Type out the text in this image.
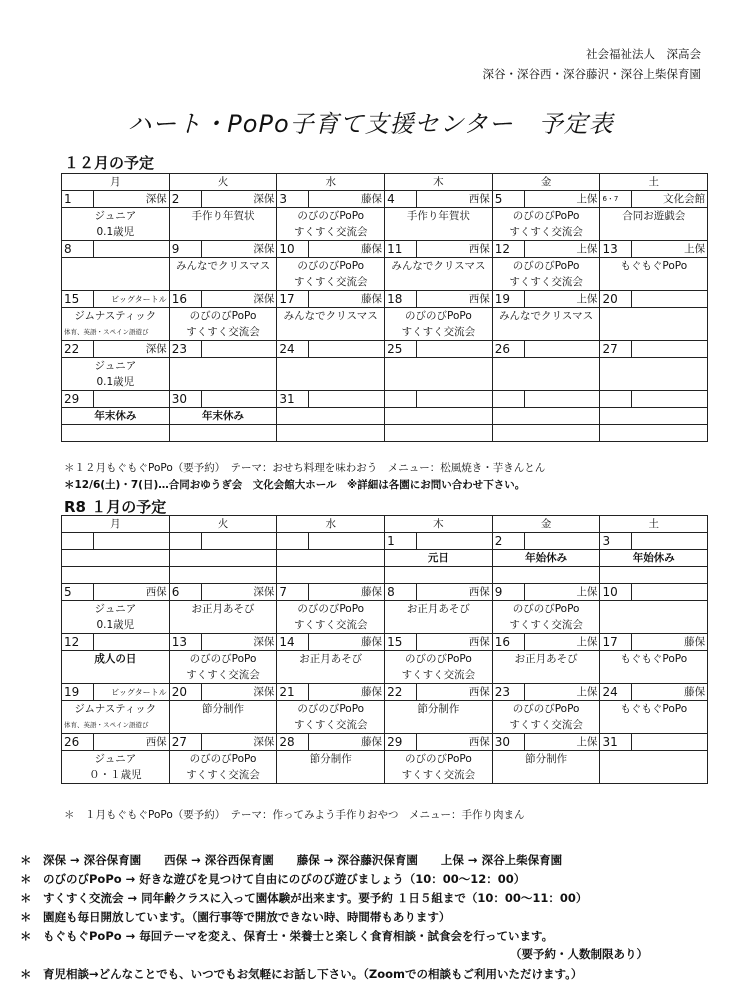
社会福祉法人　深高会
深谷・深谷西・深谷藤沢・深谷上柴保育園
ハート・PoPo子育て支援センター　予定表
１２月の予定
月		火		水		木		金		土	
1	深保	2	深保	3	藤保	4	西保	5	上保	6・7	文化会館
ジュニア		手作り年賀状		のびのびPoPo		手作り年賀状		のびのびPoPo		合同お遊戯会	
0.1歳児				すくすく交流会				すくすく交流会			
8		9	深保	10	藤保	11	西保	12	上保	13	上保
		みんなでクリスマス		のびのびPoPo		みんなでクリスマス		のびのびPoPo		もぐもぐPoPo	
				すくすく交流会				すくすく交流会			
15	ビッグタートル	16	深保	17	藤保	18	西保	19	上保	20	
ジムナスティック		のびのびPoPo		みんなでクリスマス		のびのびPoPo		みんなでクリスマス			
体育、英語・スペイン語遊び		すくすく交流会				すくすく交流会					
22	深保	23		24		25		26		27	
ジュニア											
0.1歳児											
29		30		31							
年末休み		年末休み									

＊１２月もぐもぐPoPo（要予約）　テーマ：おせち料理を味わおう　メニュー：松風焼き・芋きんとん
＊12/6(土)・7(日)…合同おゆうぎ会　文化会館大ホール　※詳細は各園にお問い合わせ下さい。
R8 １月の予定
月		火		水		木		金		土	
						1		2		3	
						元日		年始休み		年始休み	

5	西保	6	深保	7	藤保	8	西保	9	上保	10	
ジュニア		お正月あそび		のびのびPoPo		お正月あそび		のびのびPoPo			
0.1歳児				すくすく交流会				すくすく交流会			
12		13	深保	14	藤保	15	西保	16	上保	17	藤保
成人の日		のびのびPoPo		お正月あそび		のびのびPoPo		お正月あそび		もぐもぐPoPo	
		すくすく交流会				すくすく交流会					
19	ビッグタートル	20	深保	21	藤保	22	西保	23	上保	24	藤保
ジムナスティック		節分制作		のびのびPoPo		節分制作		のびのびPoPo		もぐもぐPoPo	
体育、英語・スペイン語遊び				すくすく交流会				すくすく交流会			
26	西保	27	深保	28	藤保	29	西保	30	上保	31	
ジュニア		のびのびPoPo		節分制作		のびのびPoPo		節分制作			
０・１歳児		すくすく交流会				すくすく交流会					
＊　１月もぐもぐPoPo（要予約）　テーマ：作ってみよう手作りおやつ　メニュー：手作り肉まん
＊　深保 → 深谷保育園　　西保 → 深谷西保育園　　藤保 → 深谷藤沢保育園　　上保 → 深谷上柴保育園
＊　のびのびPoPo → 好きな遊びを見つけて自由にのびのび遊びましょう（10：00～12：00）
＊　すくすく交流会 → 同年齢クラスに入って園体験が出来ます。要予約 １日５組まで（10：00～11：00）
＊　園庭も毎日開放しています。（園行事等で開放できない時、時間帯もあります）
＊　もぐもぐPoPo → 毎回テーマを変え、保育士・栄養士と楽しく食育相談・試食会を行っています。
（要予約・人数制限あり）
＊　育児相談→どんなことでも、いつでもお気軽にお話し下さい。（Zoomでの相談もご利用いただけます。）
